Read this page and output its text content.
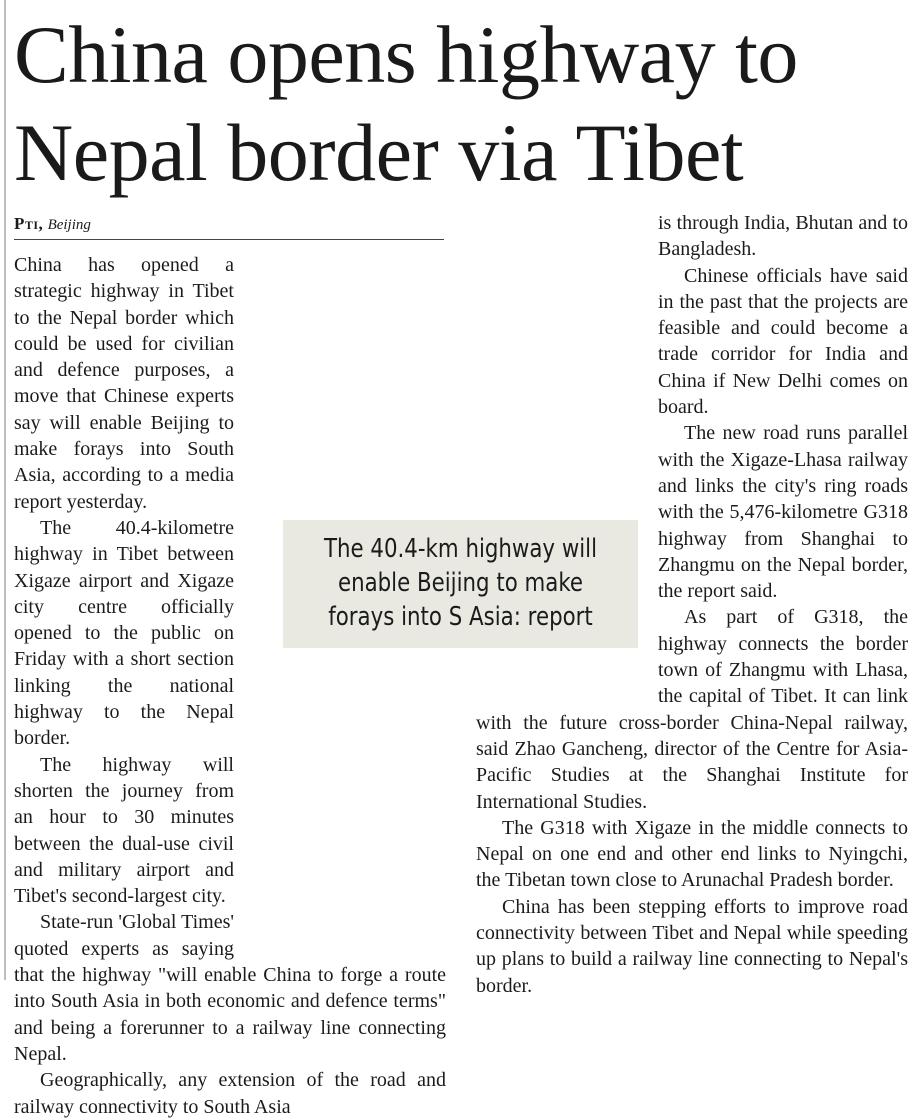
China opens highway to
Nepal border via Tibet
Pti, Beijing

China has opened a strategic highway in Tibet to the Nepal border which could be used for civilian and defence purposes, a move that Chinese experts say will enable Beijing to make forays into South Asia, according to a media report yesterday.

The 40.4-kilometre highway in Tibet between Xigaze airport and Xigaze city centre officially opened to the public on Friday with a short section linking the national highway to the Nepal border.

The highway will shorten the journey from an hour to 30 minutes between the dual-use civil and military airport and Tibet's second-largest city.

State-run 'Global Times' quoted experts as saying that the highway "will enable China to forge a route into South Asia in both economic and defence terms" and being a forerunner to a railway line connecting Nepal.

Geographically, any extension of the road and railway connectivity to South Asia

is through India, Bhutan and to Bangladesh.

Chinese officials have said in the past that the projects are feasible and could become a trade corridor for India and China if New Delhi comes on board.

The new road runs parallel with the Xigaze-Lhasa railway and links the city's ring roads with the 5,476-kilometre G318 highway from Shanghai to Zhangmu on the Nepal border, the report said.

As part of G318, the highway connects the border town of Zhangmu with Lhasa, the capital of Tibet. It can link with the future cross-border China-Nepal railway, said Zhao Gancheng, director of the Centre for Asia-Pacific Studies at the Shanghai Institute for International Studies.

The G318 with Xigaze in the middle connects to Nepal on one end and other end links to Nyingchi, the Tibetan town close to Arunachal Pradesh border.

China has been stepping efforts to improve road connectivity between Tibet and Nepal while speeding up plans to build a railway line connecting to Nepal's border.

The 40.4-km highway will enable Beijing to make forays into S Asia: report
